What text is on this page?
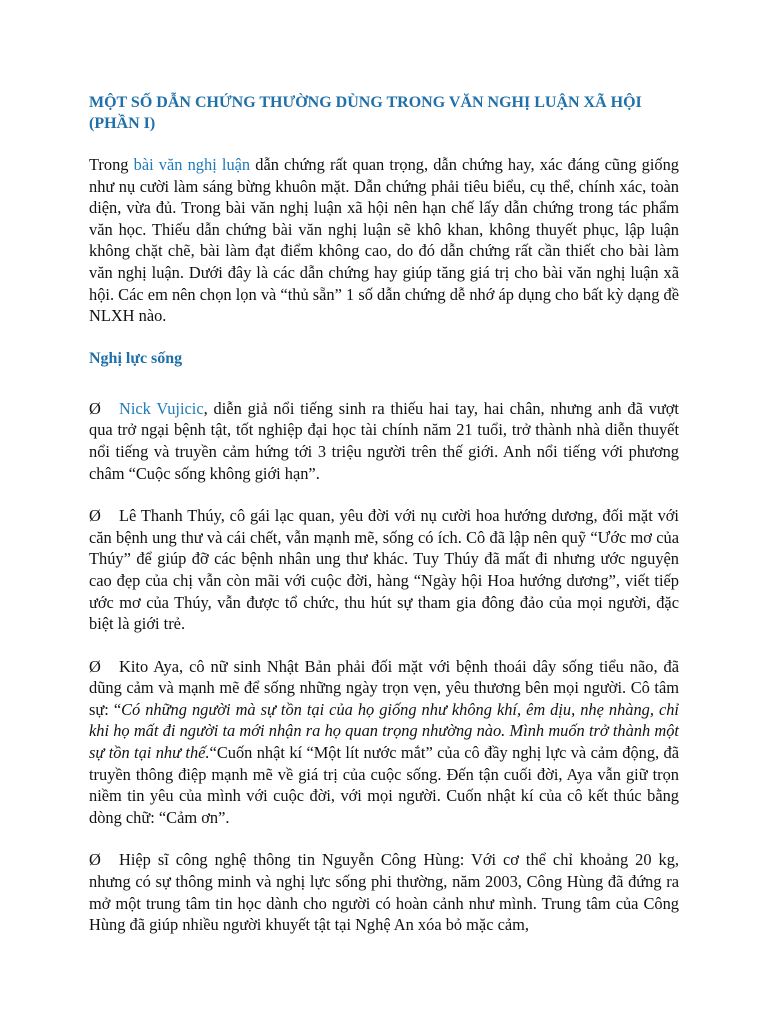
MỘT SỐ DẪN CHỨNG THƯỜNG DÙNG TRONG VĂN NGHỊ LUẬN XÃ HỘI (PHẦN I)

Trong bài văn nghị luận dẫn chứng rất quan trọng, dẫn chứng hay, xác đáng cũng giống như nụ cười làm sáng bừng khuôn mặt. Dẫn chứng phải tiêu biểu, cụ thể, chính xác, toàn diện, vừa đủ. Trong bài văn nghị luận xã hội nên hạn chế lấy dẫn chứng trong tác phẩm văn học. Thiếu dẫn chứng bài văn nghị luận sẽ khô khan, không thuyết phục, lập luận không chặt chẽ, bài làm đạt điểm không cao, do đó dẫn chứng rất cần thiết cho bài làm văn nghị luận. Dưới đây là các dẫn chứng hay giúp tăng giá trị cho bài văn nghị luận xã hội. Các em nên chọn lọn và “thủ sẵn” 1 số dẫn chứng dễ nhớ áp dụng cho bất kỳ dạng đề NLXH nào.

Nghị lực sống

Ø Nick Vujicic, diễn giả nổi tiếng sinh ra thiếu hai tay, hai chân, nhưng anh đã vượt qua trở ngại bệnh tật, tốt nghiệp đại học tài chính năm 21 tuổi, trở thành nhà diễn thuyết nổi tiếng và truyền cảm hứng tới 3 triệu người trên thế giới. Anh nổi tiếng với phương châm “Cuộc sống không giới hạn”.

Ø Lê Thanh Thúy, cô gái lạc quan, yêu đời với nụ cười hoa hướng dương, đối mặt với căn bệnh ung thư và cái chết, vẫn mạnh mẽ, sống có ích. Cô đã lập nên quỹ “Ước mơ của Thúy” để giúp đỡ các bệnh nhân ung thư khác. Tuy Thúy đã mất đi nhưng ước nguyện cao đẹp của chị vẫn còn mãi với cuộc đời, hàng “Ngày hội Hoa hướng dương”, viết tiếp ước mơ của Thúy, vẫn được tổ chức, thu hút sự tham gia đông đảo của mọi người, đặc biệt là giới trẻ.

Ø Kito Aya, cô nữ sinh Nhật Bản phải đối mặt với bệnh thoái dây sống tiểu não, đã dũng cảm và mạnh mẽ để sống những ngày trọn vẹn, yêu thương bên mọi người. Cô tâm sự: “Có những người mà sự tồn tại của họ giống như không khí, êm dịu, nhẹ nhàng, chỉ khi họ mất đi người ta mới nhận ra họ quan trọng nhường nào. Mình muốn trở thành một sự tồn tại như thế.“Cuốn nhật kí “Một lít nước mắt” của cô đầy nghị lực và cảm động, đã truyền thông điệp mạnh mẽ về giá trị của cuộc sống. Đến tận cuối đời, Aya vẫn giữ trọn niềm tin yêu của mình với cuộc đời, với mọi người. Cuốn nhật kí của cô kết thúc bằng dòng chữ: “Cảm ơn”.

Ø Hiệp sĩ công nghệ thông tin Nguyễn Công Hùng: Với cơ thể chỉ khoảng 20 kg, nhưng có sự thông minh và nghị lực sống phi thường, năm 2003, Công Hùng đã đứng ra mở một trung tâm tin học dành cho người có hoàn cảnh như mình. Trung tâm của Công Hùng đã giúp nhiều người khuyết tật tại Nghệ An xóa bỏ mặc cảm,
